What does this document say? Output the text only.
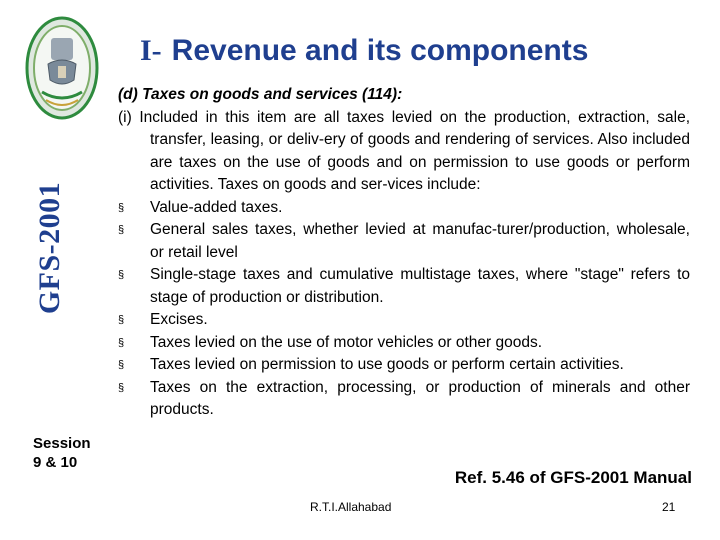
GFS-2001
I- Revenue and its components
Session
9 & 10

(d) Taxes on goods and services (114):

(i) Included in this item are all taxes levied on the production, extraction, sale, transfer, leasing, or deliv-ery of goods and rendering of services. Also included are taxes on the use of goods and on permission to use goods or perform activities. Taxes on goods and ser-vices include:

§ Value-added taxes.
§ General sales taxes, whether levied at manufac-turer/production, wholesale, or retail level
§ Single-stage taxes and cumulative multistage taxes, where "stage" refers to stage of production or distribution.
§ Excises.
§ Taxes levied on the use of motor vehicles or other goods.
§ Taxes levied on permission to use goods or perform certain activities.
§ Taxes on the extraction, processing, or production of minerals and other products.
Ref. 5.46 of GFS-2001 Manual
R.T.I.Allahabad	21
